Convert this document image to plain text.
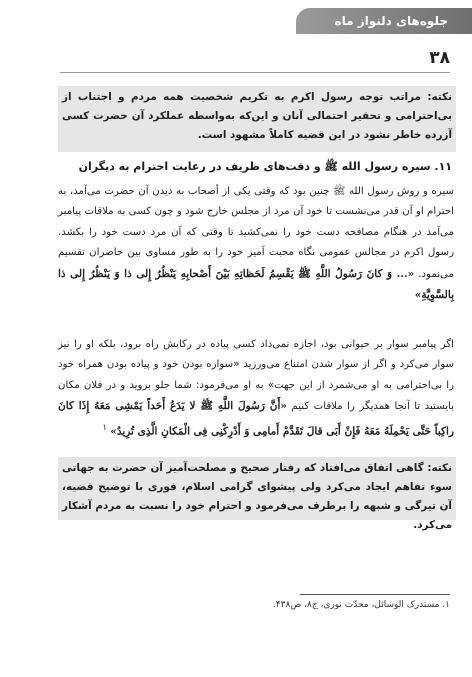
جلوه‌های دلنواز ماه
۳۸
نکته: مراتب توجه رسول اکرم به تکریم شخصیت همه مردم و اجتناب از بی‌احترامی و تحقیر احتمالی آنان و این‌که به‌واسطه عملکرد آن حضرت کسی آزرده خاطر نشود در این قضیه کاملاً مشهود است.
۱۱. سیره رسول الله ﷺ و دقت‌های ظریف در رعایت احترام به دیگران
سیره و روش رسول الله ﷺ چنین بود که وقتی یکی از أصحاب به دیدن آن حضرت می‌آمد، به احترام او آن قدر می‌نشست تا خود آن مرد از مجلس خارج شود و چون کسی به ملاقات پیامبر می‌آمد در هنگام مصافحه دست خود را نمی‌کشید تا وقتی که آن مرد دست خود را بکشد. رسول اکرم در مجالس عمومی نگاه محبت آمیز خود را به طور مساوی بین حاضران تقسیم می‌نمود. «... وَ کانَ رَسُولُ اللَّهِ ﷺ یَقْسِمُ لَحَظاتِهِ بَیْنَ أَصْحابِهِ یَنْظُرُ إِلی ذا وَ یَنْظُرُ إِلی ذا بِالسَّوِیَّةِ»
اگر پیامبر سوار بر حیوانی بود، اجازه نمی‌داد کسی پیاده در رکابش راه برود، بلکه او را نیز سوار می‌کرد و اگر از سوار شدن امتناع می‌ورزید «سواره بودن خود و پیاده بودن همراه خود را بی‌احترامی به او می‌شمرد از این جهت» به او می‌فرمود: شما جلو بروید و در فلان مکان بایستید تا آنجا همدیگر را ملاقات کنیم «أَنَّ رَسُولَ اللَّهِ ﷺ لا یَدَعُ أَحَداً یَمْشِی مَعَهُ إِذَا کانَ راکِباً حَتَّی یَحْمِلَهُ مَعَهُ فَإِنْ أَبَی قالَ تَقَدَّمْ أَمامِی وَ أَدْرِکْنِی فِی الْمَکانِ الَّذِی تُرِیدُ» $^۱$
نکته: گاهی اتفاق می‌افتاد که رفتار صحیح و مصلحت‌آمیز آن حضرت به جهاتی سوء تفاهم ایجاد می‌کرد ولی پیشوای گرامی اسلام، فوری با توضیح قضیه، آن تیرگی و شبهه را برطرف می‌فرمود و احترام خود را نسبت به مردم آشکار می‌کرد.
۱. مستدرک الوسائل، محدّث نوری، ج۸، ص۴۳۸.
